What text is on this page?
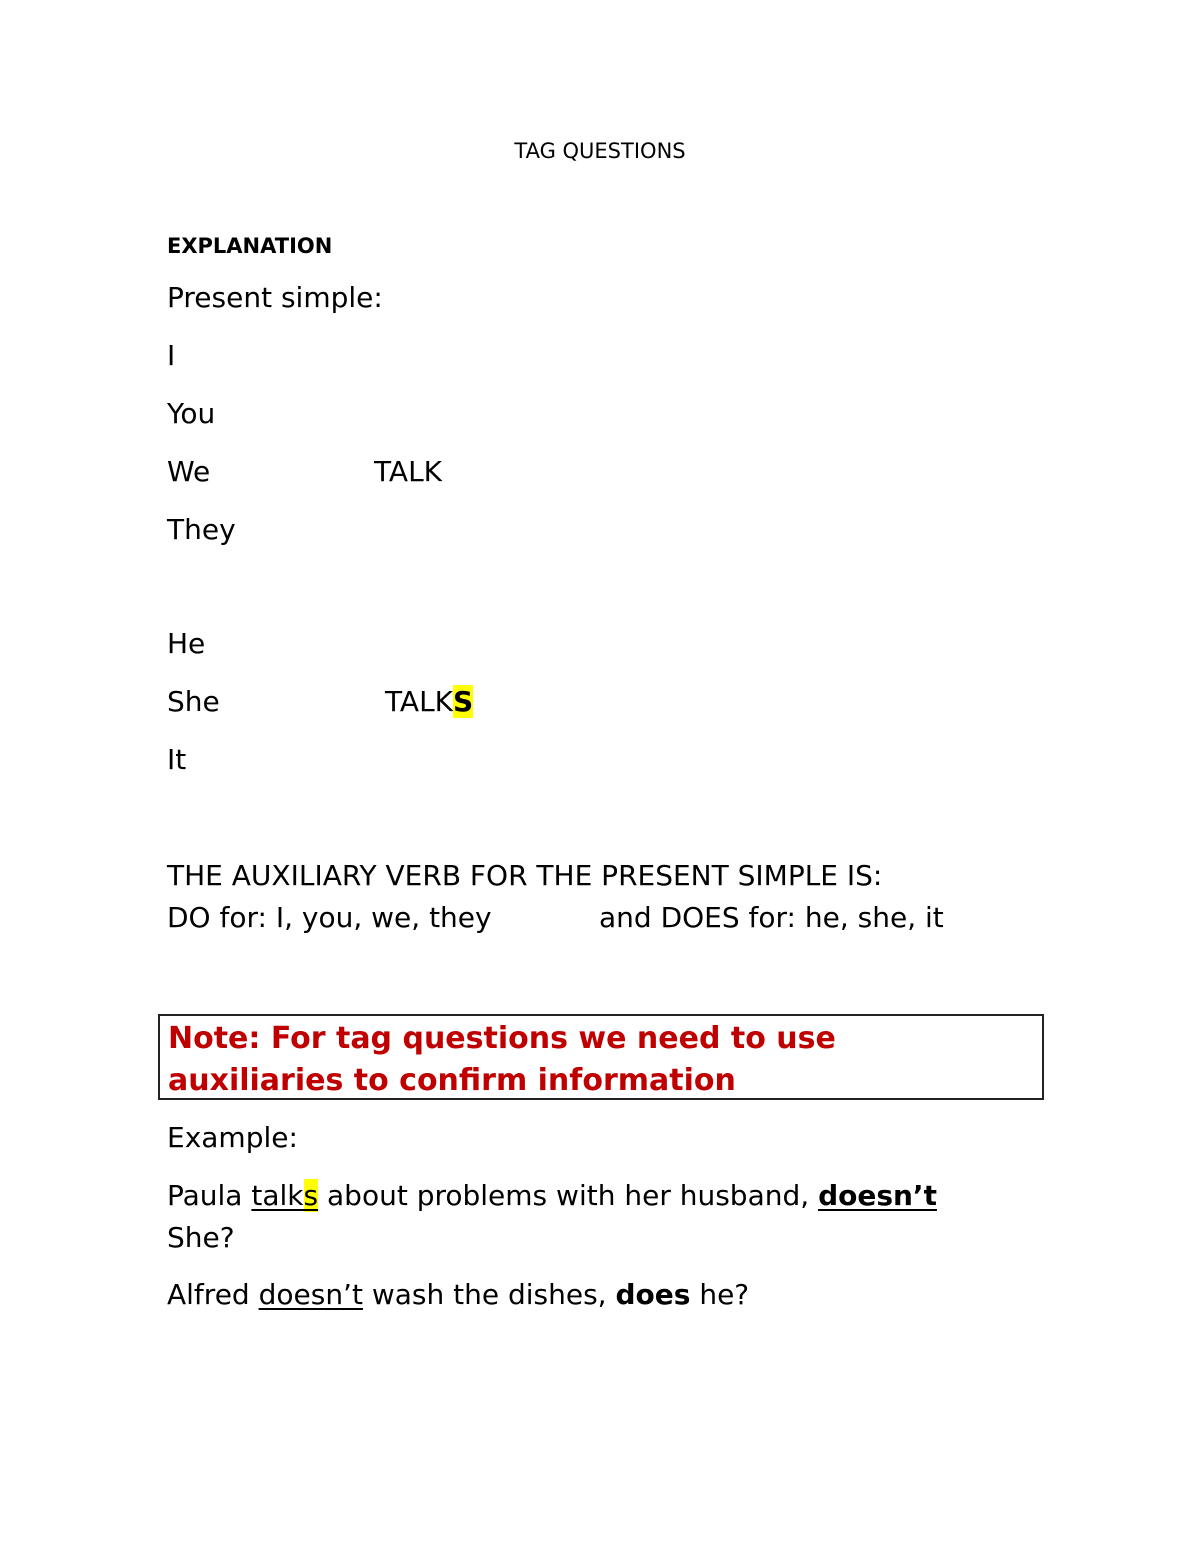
TAG QUESTIONS
EXPLANATION
Present simple:
I
You
We	TALK
They
He
She	TALKS
It
THE AUXILIARY VERB FOR THE PRESENT SIMPLE IS:
DO for: I, you, we, they	and DOES for: he, she, it
Note: For tag questions we need to use
auxiliaries to confirm information
Example:
Paula talks about problems with her husband, doesn’t
She?
Alfred doesn’t wash the dishes, does he?
